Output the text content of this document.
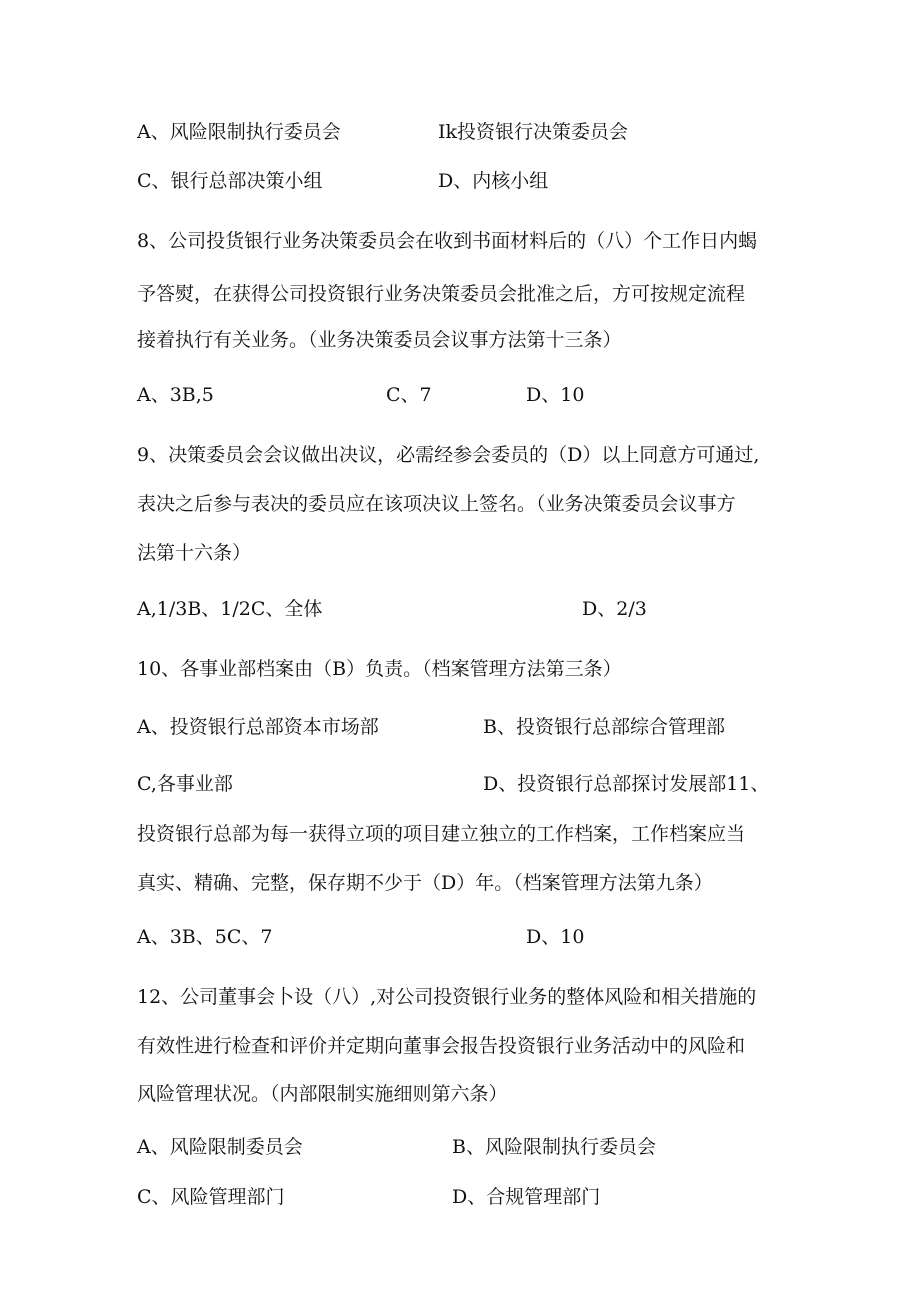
A、风险限制执行委员会	Ik投资银行决策委员会
C、银行总部决策小组	D、内核小组
8、公司投货银行业务决策委员会在收到书面材料后的（八）个工作日内蝎
予答熨，在获得公司投资银行业务决策委员会批准之后，方可按规定流程
接着执行有关业务。（业务决策委员会议事方法第十三条）
A、3B,5	C、7	D、10
9、决策委员会会议做出决议，必需经参会委员的（D）以上同意方可通过,
表决之后参与表决的委员应在该项决议上签名。（业务决策委员会议事方
法第十六条）
A,1/3B、1/2C、全体	D、2/3
10、各事业部档案由（B）负责。（档案管理方法第三条）
A、投资银行总部资本市场部	B、投资银行总部综合管理部
C,各事业部	D、投资银行总部探讨发展部11、
投资银行总部为每一获得立项的项目建立独立的工作档案，工作档案应当
真实、精确、完整，保存期不少于（D）年。（档案管理方法第九条）
A、3B、5C、7	D、10
12、公司董事会卜设（八）,对公司投资银行业务的整体风险和相关措施的
有效性进行检查和评价并定期向董事会报告投资银行业务活动中的风险和
风险管理状况。（内部限制实施细则第六条）
A、风险限制委员会	B、风险限制执行委员会
C、风险管理部门	D、合规管理部门
